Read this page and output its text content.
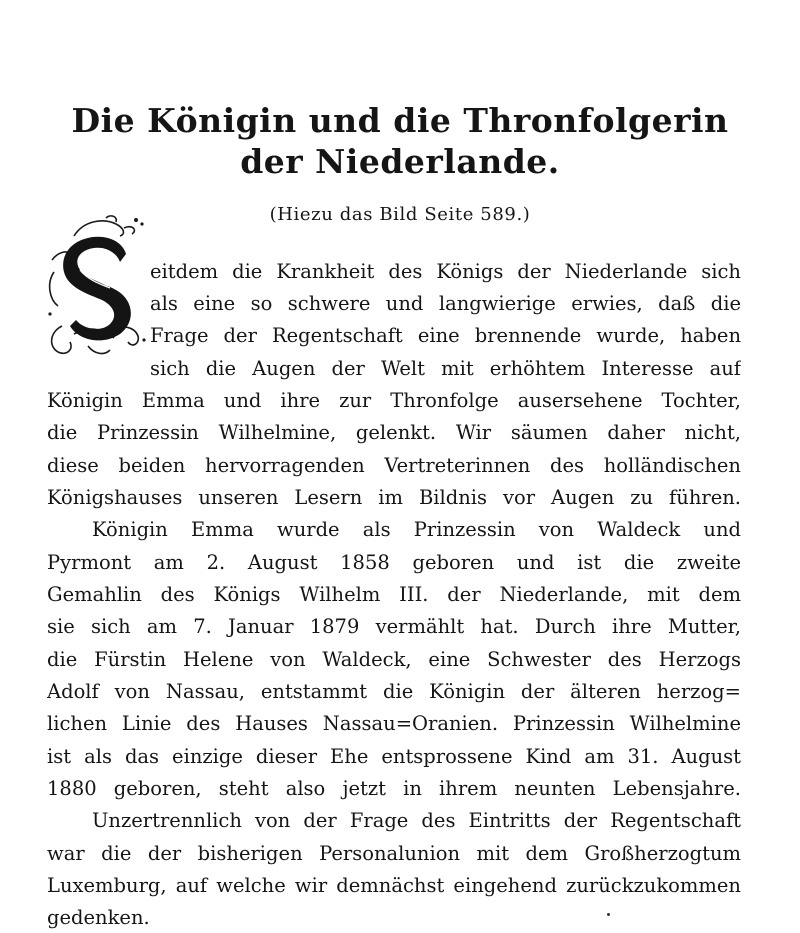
Die Königin und die Thronfolgerin
der Niederlande.
(Hiezu das Bild Seite 589.)
eitdem die Krankheit des Königs der Niederlande sich
als eine so schwere und langwierige erwies, daß die
Frage der Regentschaft eine brennende wurde, haben
sich die Augen der Welt mit erhöhtem Interesse auf
Königin Emma und ihre zur Thronfolge ausersehene Tochter,
die Prinzessin Wilhelmine, gelenkt. Wir säumen daher nicht,
diese beiden hervorragenden Vertreterinnen des holländischen
Königshauses unseren Lesern im Bildnis vor Augen zu führen.
Königin Emma wurde als Prinzessin von Waldeck und
Pyrmont am 2. August 1858 geboren und ist die zweite
Gemahlin des Königs Wilhelm III. der Niederlande, mit dem
sie sich am 7. Januar 1879 vermählt hat. Durch ihre Mutter,
die Fürstin Helene von Waldeck, eine Schwester des Herzogs
Adolf von Nassau, entstammt die Königin der älteren herzog=
lichen Linie des Hauses Nassau=Oranien. Prinzessin Wilhelmine
ist als das einzige dieser Ehe entsprossene Kind am 31. August
1880 geboren, steht also jetzt in ihrem neunten Lebensjahre.
Unzertrennlich von der Frage des Eintritts der Regentschaft
war die der bisherigen Personalunion mit dem Großherzogtum
Luxemburg, auf welche wir demnächst eingehend zurückzukommen
gedenken.
